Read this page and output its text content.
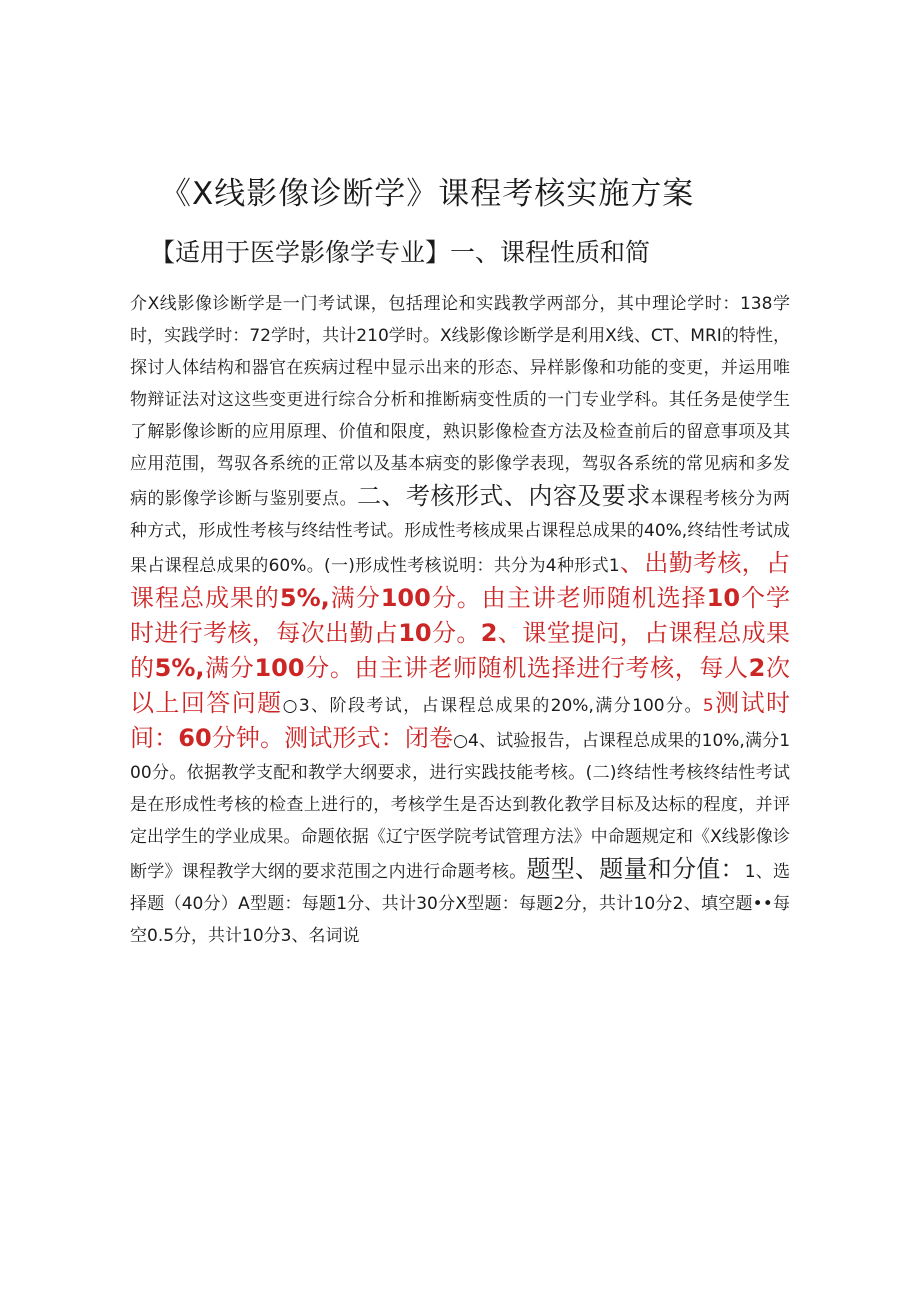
《X线影像诊断学》课程考核实施方案
【适用于医学影像学专业】一、课程性质和简
介X线影像诊断学是一门考试课，包括理论和实践教学两部分，其中理论学时：138学时，实践学时：72学时，共计210学时。X线影像诊断学是利用X线、CT、MRI的特性，探讨人体结构和器官在疾病过程中显示出来的形态、异样影像和功能的变更，并运用唯物辩证法对这这些变更进行综合分析和推断病变性质的一门专业学科。其任务是使学生了解影像诊断的应用原理、价值和限度，熟识影像检查方法及检查前后的留意事项及其应用范围，驾驭各系统的正常以及基本病变的影像学表现，驾驭各系统的常见病和多发病的影像学诊断与鉴别要点。二、考核形式、内容及要求本课程考核分为两种方式，形成性考核与终结性考试。形成性考核成果占课程总成果的40%,终结性考试成果占课程总成果的60%。(一)形成性考核说明：共分为4种形式1、出勤考核，占课程总成果的5%,满分100分。由主讲老师随机选择10个学时进行考核，每次出勤占10分。2、课堂提问，占课程总成果的5%,满分100分。由主讲老师随机选择进行考核，每人2次以上回答问题○3、阶段考试，占课程总成果的20%,满分100分。5测试时间：60分钟。测试形式：闭卷○4、试验报告，占课程总成果的10%,满分100分。依据教学支配和教学大纲要求，进行实践技能考核。(二)终结性考核终结性考试是在形成性考核的检查上进行的，考核学生是否达到教化教学目标及达标的程度，并评定出学生的学业成果。命题依据《辽宁医学院考试管理方法》中命题规定和《X线影像诊断学》课程教学大纲的要求范围之内进行命题考核。题型、题量和分值：1、选择题（40分）A型题：每题1分、共计30分X型题：每题2分，共计10分2、填空题••每空0.5分，共计10分3、名词说
